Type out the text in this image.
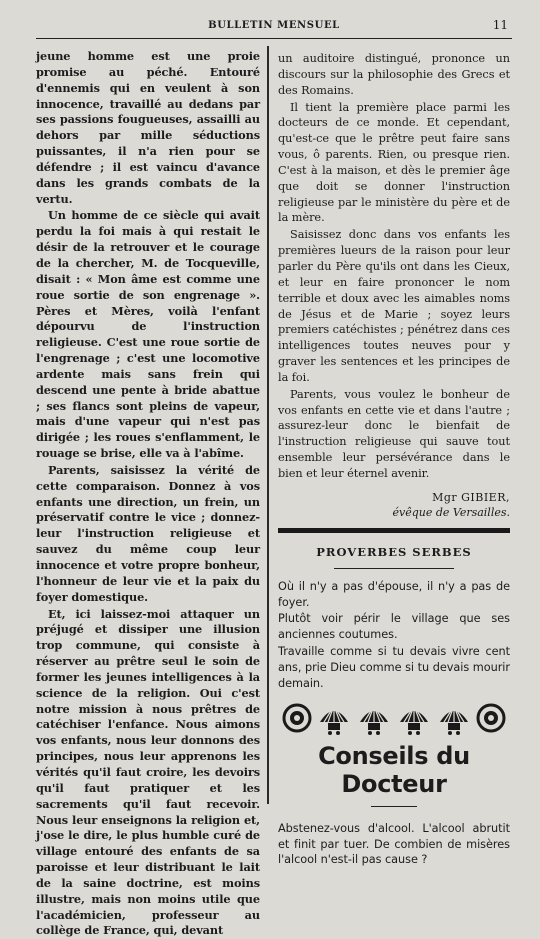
BULLETIN MENSUEL	11

jeune homme est une proie promise au péché. Entouré d'ennemis qui en veulent à son innocence, travaillé au dedans par ses passions fougueuses, assailli au dehors par mille séductions puissantes, il n'a rien pour se défendre ; il est vaincu d'avance dans les grands combats de la vertu.

Un homme de ce siècle qui avait perdu la foi mais à qui restait le désir de la retrouver et le courage de la chercher, M. de Tocqueville, disait : « Mon âme est comme une roue sortie de son engrenage ». Pères et Mères, voilà l'enfant dépourvu de l'instruction religieuse. C'est une roue sortie de l'engrenage ; c'est une locomotive ardente mais sans frein qui descend une pente à bride abattue ; ses flancs sont pleins de vapeur, mais d'une vapeur qui n'est pas dirigée ; les roues s'enflamment, le rouage se brise, elle va à l'abîme.

Parents, saisissez la vérité de cette comparaison. Donnez à vos enfants une direction, un frein, un préservatif contre le vice ; donnez-leur l'instruction religieuse et sauvez du même coup leur innocence et votre propre bonheur, l'honneur de leur vie et la paix du foyer domestique.

Et, ici laissez-moi attaquer un préjugé et dissiper une illusion trop commune, qui consiste à réserver au prêtre seul le soin de former les jeunes intelligences à la science de la religion. Oui c'est notre mission à nous prêtres de catéchiser l'enfance. Nous aimons vos enfants, nous leur donnons des principes, nous leur apprenons les vérités qu'il faut croire, les devoirs qu'il faut pratiquer et les sacrements qu'il faut recevoir. Nous leur enseignons la religion et, j'ose le dire, le plus humble curé de village entouré des enfants de sa paroisse et leur distribuant le lait de la saine doctrine, est moins illustre, mais non moins utile que l'académicien, professeur au collège de France, qui, devant

un auditoire distingué, prononce un discours sur la philosophie des Grecs et des Romains.

Il tient la première place parmi les docteurs de ce monde. Et cependant, qu'est-ce que le prêtre peut faire sans vous, ô parents. Rien, ou presque rien. C'est à la maison, et dès le premier âge que doit se donner l'instruction religieuse par le ministère du père et de la mère.

Saisissez donc dans vos enfants les premières lueurs de la raison pour leur parler du Père qu'ils ont dans les Cieux, et leur en faire prononcer le nom terrible et doux avec les aimables noms de Jésus et de Marie ; soyez leurs premiers catéchistes ; pénétrez dans ces intelligences toutes neuves pour y graver les sentences et les principes de la foi.

Parents, vous voulez le bonheur de vos enfants en cette vie et dans l'autre ; assurez-leur donc le bienfait de l'instruction religieuse qui sauve tout ensemble leur persévérance dans le bien et leur éternel avenir.

Mgr GIBIER,
évêque de Versailles.
PROVERBES SERBES

Où il n'y a pas d'épouse, il n'y a pas de foyer.

Plutôt voir périr le village que ses anciennes coutumes.

Travaille comme si tu devais vivre cent ans, prie Dieu comme si tu devais mourir demain.

Conseils du Docteur

Abstenez-vous d'alcool. L'alcool abrutit et finit par tuer. De combien de misères l'alcool n'est-il pas cause ?
